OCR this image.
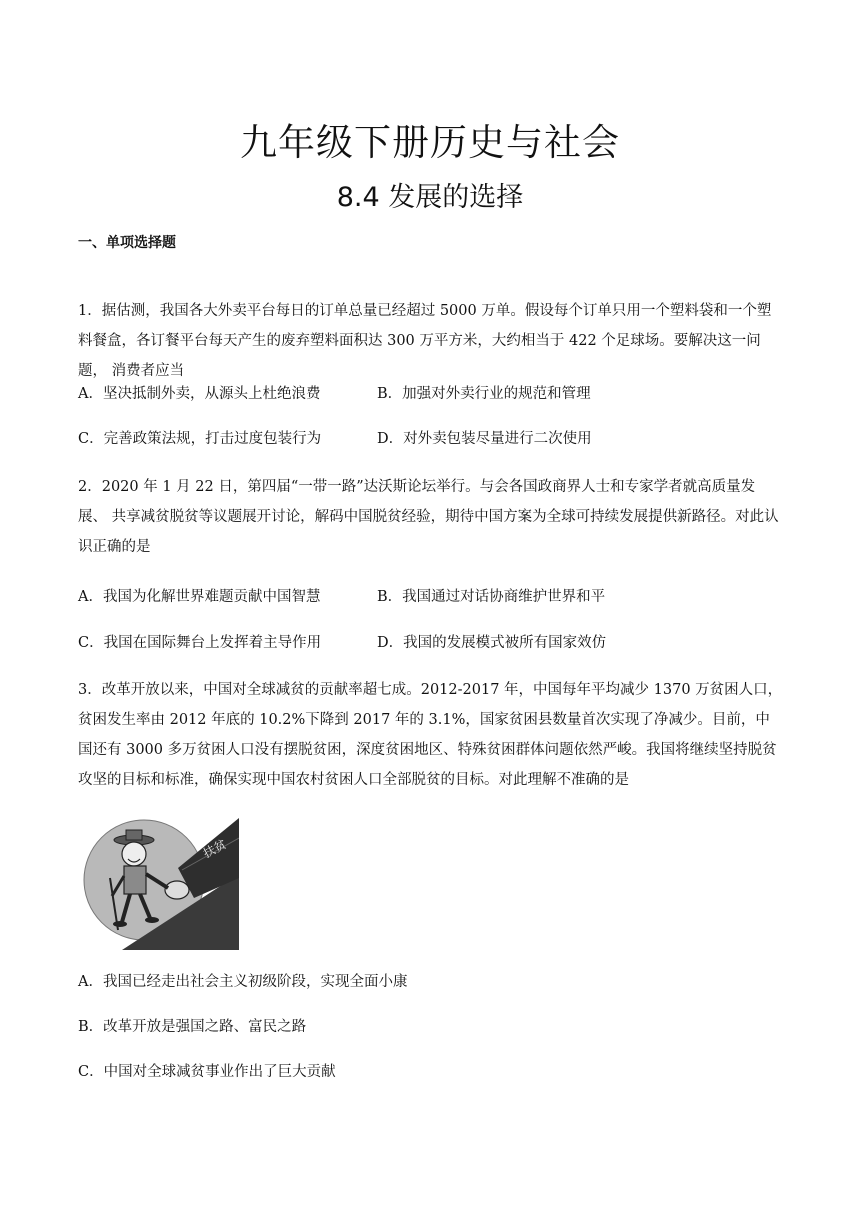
九年级下册历史与社会
8.4 发展的选择
一、单项选择题

1．据估测，我国各大外卖平台每日的订单总量已经超过 5000 万单。假设每个订单只用一个塑料袋和一个塑料餐盒，各订餐平台每天产生的废弃塑料面积达 300 万平方米，大约相当于 422 个足球场。要解决这一问题， 消费者应当

A．坚决抵制外卖，从源头上杜绝浪费	B．加强对外卖行业的规范和管理
C．完善政策法规，打击过度包装行为	D．对外卖包装尽量进行二次使用

2．2020 年 1 月 22 日，第四届“一带一路”达沃斯论坛举行。与会各国政商界人士和专家学者就高质量发展、 共享减贫脱贫等议题展开讨论，解码中国脱贫经验，期待中国方案为全球可持续发展提供新路径。对此认识正确的是

A．我国为化解世界难题贡献中国智慧	B．我国通过对话协商维护世界和平
C．我国在国际舞台上发挥着主导作用	D．我国的发展模式被所有国家效仿

3．改革开放以来，中国对全球减贫的贡献率超七成。2012-2017 年，中国每年平均减少 1370 万贫困人口，贫困发生率由 2012 年底的 10.2%下降到 2017 年的 3.1%，国家贫困县数量首次实现了净减少。目前，中国还有 3000 多万贫困人口没有摆脱贫困，深度贫困地区、特殊贫困群体问题依然严峻。我国将继续坚持脱贫攻坚的目标和标准，确保实现中国农村贫困人口全部脱贫的目标。对此理解不准确的是

扶贫
A．我国已经走出社会主义初级阶段，实现全面小康
B．改革开放是强国之路、富民之路
C．中国对全球减贫事业作出了巨大贡献
